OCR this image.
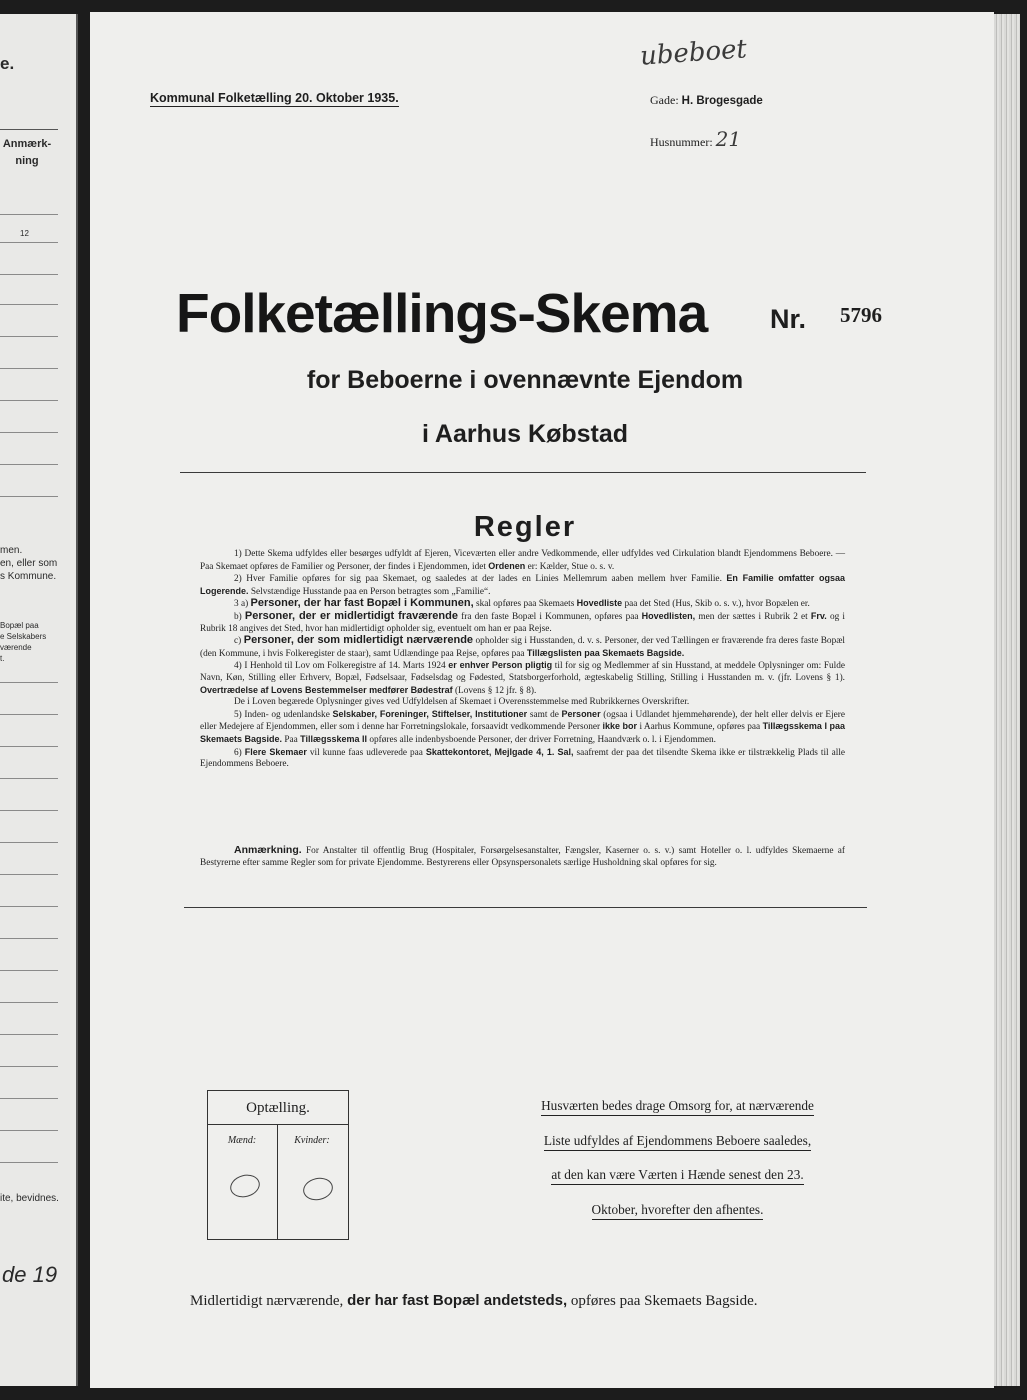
e.
Anmærk-
ning
12
men.
en, eller som
s Kommune.
Bopæl paa
e Selskabers
værende
t.
ite, bevidnes.
de 19
ubeboet
Kommunal Folketælling 20. Oktober 1935.	Gade: H. Brogesgade
Husnummer: 21
Folketællings-Skema Nr. 5796
for Beboerne i ovennævnte Ejendom
i Aarhus Købstad
Regler

1) Dette Skema udfyldes eller besørges udfyldt af Ejeren, Viceværten eller andre Vedkommende, eller udfyldes ved Cirkulation blandt Ejendommens Beboere. — Paa Skemaet opføres de Familier og Personer, der findes i Ejendommen, idet Ordenen er: Kælder, Stue o. s. v.

2) Hver Familie opføres for sig paa Skemaet, og saaledes at der lades en Linies Mellemrum aaben mellem hver Familie. En Familie omfatter ogsaa Logerende. Selvstændige Husstande paa en Person betragtes som „Familie“.

3 a) Personer, der har fast Bopæl i Kommunen, skal opføres paa Skemaets Hovedliste paa det Sted (Hus, Skib o. s. v.), hvor Bopælen er.

b) Personer, der er midlertidigt fraværende fra den faste Bopæl i Kommunen, opføres paa Hovedlisten, men der sættes i Rubrik 2 et Frv. og i Rubrik 18 angives det Sted, hvor han midlertidigt opholder sig, eventuelt om han er paa Rejse.

c) Personer, der som midlertidigt nærværende opholder sig i Husstanden, d. v. s. Personer, der ved Tællingen er fraværende fra deres faste Bopæl (den Kommune, i hvis Folkeregister de staar), samt Udlændinge paa Rejse, opføres paa Tillægslisten paa Skemaets Bagside.

4) I Henhold til Lov om Folkeregistre af 14. Marts 1924 er enhver Person pligtig til for sig og Medlemmer af sin Husstand, at meddele Oplysninger om: Fulde Navn, Køn, Stilling eller Erhverv, Bopæl, Fødselsaar, Fødselsdag og Fødested, Statsborgerforhold, ægteskabelig Stilling, Stilling i Husstanden m. v. (jfr. Lovens § 1). Overtrædelse af Lovens Bestemmelser medfører Bødestraf (Lovens § 12 jfr. § 8).

De i Loven begærede Oplysninger gives ved Udfyldelsen af Skemaet i Overensstemmelse med Rubrikkernes Overskrifter.

5) Inden- og udenlandske Selskaber, Foreninger, Stiftelser, Institutioner samt de Personer (ogsaa i Udlandet hjemmehørende), der helt eller delvis er Ejere eller Medejere af Ejendommen, eller som i denne har Forretningslokale, forsaavidt vedkommende Personer ikke bor i Aarhus Kommune, opføres paa Tillægsskema I paa Skemaets Bagside. Paa Tillægsskema II opføres alle indenbysboende Personer, der driver Forretning, Haandværk o. l. i Ejendommen.

6) Flere Skemaer vil kunne faas udleverede paa Skattekontoret, Mejlgade 4, 1. Sal, saafremt der paa det tilsendte Skema ikke er tilstrækkelig Plads til alle Ejendommens Beboere.

Anmærkning. For Anstalter til offentlig Brug (Hospitaler, Forsørgelsesanstalter, Fængsler, Kaserner o. s. v.) samt Hoteller o. l. udfyldes Skemaerne af Bestyrerne efter samme Regler som for private Ejendomme. Bestyrerens eller Opsynspersonalets særlige Husholdning skal opføres for sig.
Optælling.
Mænd:	Kvinder:
Husværten bedes drage Omsorg for, at nærværende
Liste udfyldes af Ejendommens Beboere saaledes,
at den kan være Værten i Hænde senest den 23.
Oktober, hvorefter den afhentes.
Midlertidigt nærværende, der har fast Bopæl andetsteds, opføres paa Skemaets Bagside.
